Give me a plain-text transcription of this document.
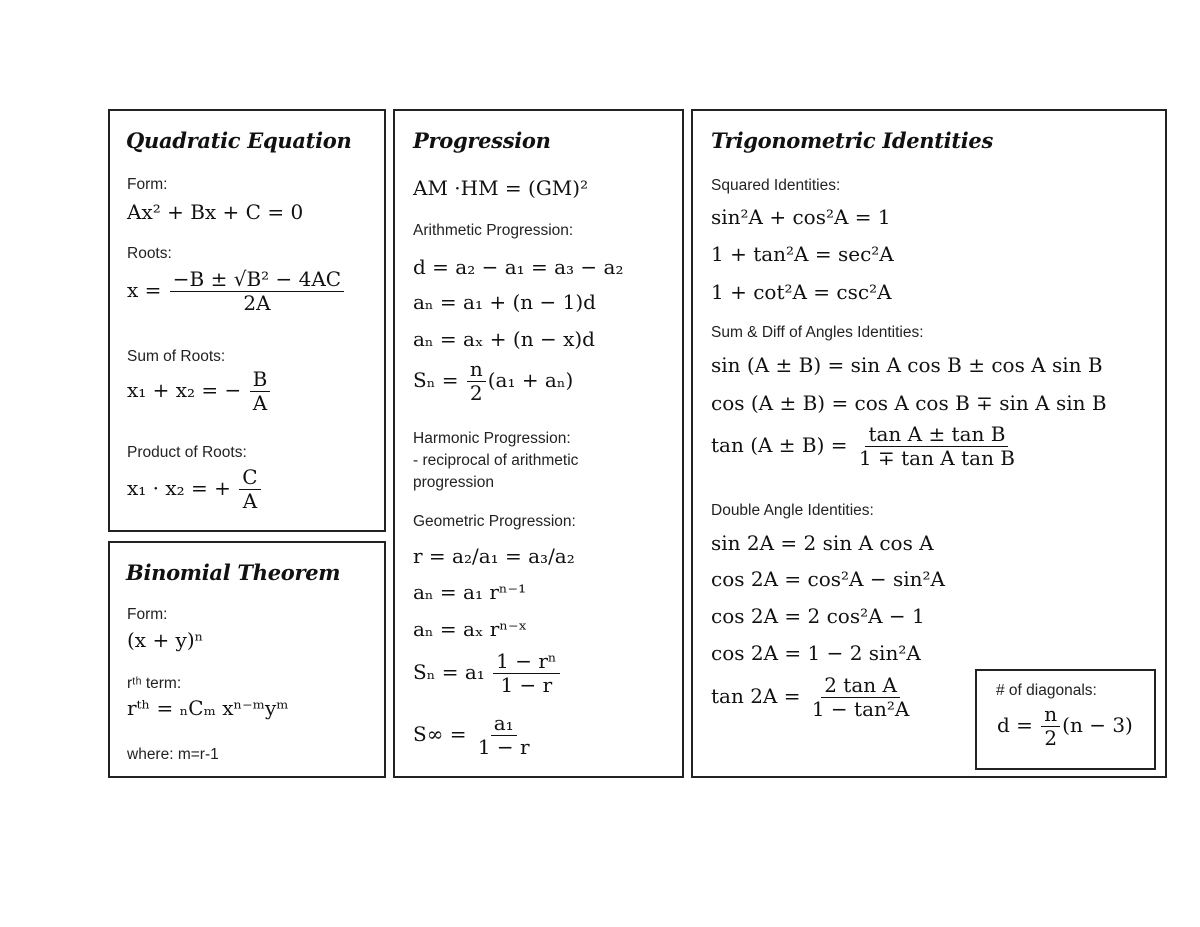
Quadratic Equation
Form:
Ax² + Bx + C = 0
Roots:
$x = \frac{\text{−B ± √B² − 4AC}}{2A}$
Sum of Roots:
x₁ + x₂ = − $\frac{B}{A}$
Product of Roots:
x₁ · x₂ = + $\frac{C}{A}$
Binomial Theorem
Form:
(x + y)ⁿ
rᵗʰ term:
rᵗʰ = ₙCₘ xⁿ⁻ᵐyᵐ
where: m=r-1
Progression
AM ·HM = (GM)²
Arithmetic Progression:
d = a₂ − a₁ = a₃ − a₂
aₙ = a₁ + (n − 1)d
aₙ = aₓ + (n − x)d
$S_n = \frac{n}{2} (a_1 + a_n)$
Harmonic Progression:
- reciprocal of arithmetic
progression
Geometric Progression:
r = a₂/a₁ = a₃/a₂
aₙ = a₁ rⁿ⁻¹
aₙ = aₓ rⁿ⁻ˣ
$S_n = a_1 \frac{\text{1 − rⁿ}}{1 - r}$
$S\infty = \frac{\text{a₁}}{1 - r}$
Trigonometric Identities
Squared Identities:
sin²A + cos²A = 1
1 + tan²A = sec²A
1 + cot²A = csc²A
Sum & Diff of Angles Identities:
sin (A ± B) = sin A cos B ± cos A sin B
cos (A ± B) = cos A cos B ∓ sin A sin B
$\tan (A \pm B) = \frac{\text{tan A ± tan B}}{\text{1 ∓ tan A tan B}}$
Double Angle Identities:
sin 2A = 2 sin A cos A
cos 2A = cos²A − sin²A
cos 2A = 2 cos²A − 1
cos 2A = 1 − 2 sin²A
$\tan 2A = \frac{\text{2 tan A}}{\text{1 − tan²A}}$	# of diagonals:
$d = \frac{n}{2} (n - 3)$
